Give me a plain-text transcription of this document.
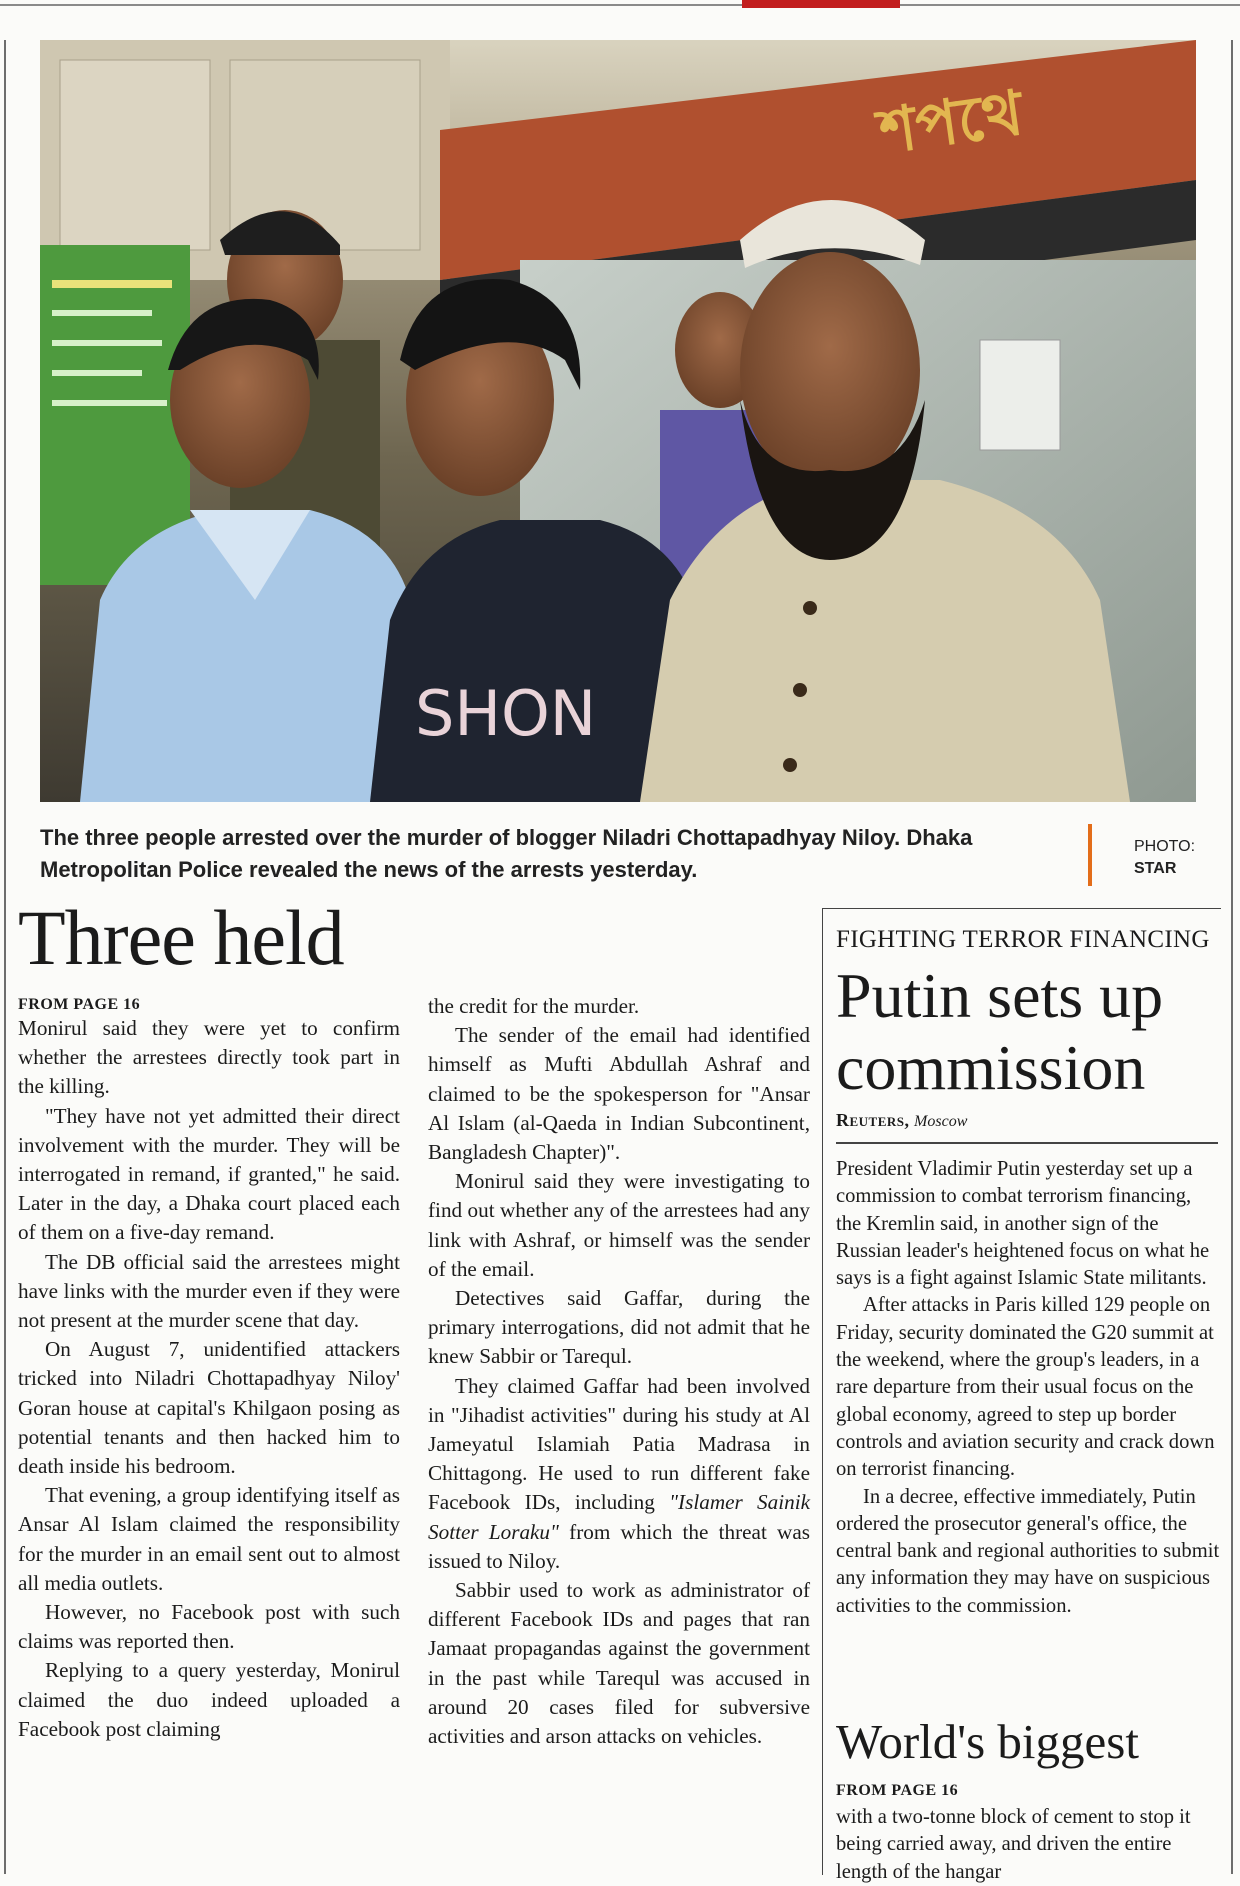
শপথে
SHON
The three people arrested over the murder of blogger Niladri Chottapadhyay Niloy. Dhaka Metropolitan Police revealed the news of the arrests yesterday.
PHOTO:
STAR
Three held
FROM PAGE 16

Monirul said they were yet to confirm whether the arrestees directly took part in the killing.

"They have not yet admitted their direct involvement with the murder. They will be interrogated in remand, if granted," he said. Later in the day, a Dhaka court placed each of them on a five-day remand.

The DB official said the arrestees might have links with the murder even if they were not present at the murder scene that day.

On August 7, unidentified attackers tricked into Niladri Chottapadhyay Niloy' Goran house at capital's Khilgaon posing as potential tenants and then hacked him to death inside his bedroom.

That evening, a group identifying itself as Ansar Al Islam claimed the responsibility for the murder in an email sent out to almost all media outlets.

However, no Facebook post with such claims was reported then.

Replying to a query yesterday, Monirul claimed the duo indeed uploaded a Facebook post claiming

the credit for the murder.

The sender of the email had identified himself as Mufti Abdullah Ashraf and claimed to be the spokesperson for "Ansar Al Islam (al-Qaeda in Indian Subcontinent, Bangladesh Chapter)".

Monirul said they were investigating to find out whether any of the arrestees had any link with Ashraf, or himself was the sender of the email.

Detectives said Gaffar, during the primary interrogations, did not admit that he knew Sabbir or Tarequl.

They claimed Gaffar had been involved in "Jihadist activities" during his study at Al Jameyatul Islamiah Patia Madrasa in Chittagong. He used to run different fake Facebook IDs, including "Islamer Sainik Sotter Loraku" from which the threat was issued to Niloy.

Sabbir used to work as administrator of different Facebook IDs and pages that ran Jamaat propagandas against the government in the past while Tarequl was accused in around 20 cases filed for subversive activities and arson attacks on vehicles.

FIGHTING TERROR FINANCING
Putin sets up commission
Reuters, Moscow

President Vladimir Putin yesterday set up a commission to combat terrorism financing, the Kremlin said, in another sign of the Russian leader's heightened focus on what he says is a fight against Islamic State militants.

After attacks in Paris killed 129 people on Friday, security dominated the G20 summit at the weekend, where the group's leaders, in a rare departure from their usual focus on the global economy, agreed to step up border controls and aviation security and crack down on terrorist financing.

In a decree, effective immediately, Putin ordered the prosecutor general's office, the central bank and regional authorities to submit any information they may have on suspicious activities to the commission.

World's biggest
FROM PAGE 16

with a two-tonne block of cement to stop it being carried away, and driven the entire length of the hangar
